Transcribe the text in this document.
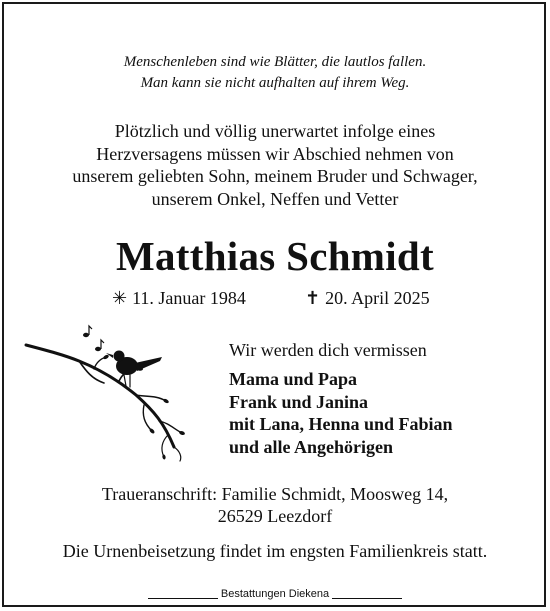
Menschenleben sind wie Blätter, die lautlos fallen.
Man kann sie nicht aufhalten auf ihrem Weg.
Plötzlich und völlig unerwartet infolge eines
Herzversagens müssen wir Abschied nehmen von
unserem geliebten Sohn, meinem Bruder und Schwager,
unserem Onkel, Neffen und Vetter
Matthias Schmidt
✳ 11. Januar 1984	✝ 20. April 2025
Wir werden dich vermissen
Mama und Papa
Frank und Janina
mit Lana, Henna und Fabian
und alle Angehörigen
Traueranschrift: Familie Schmidt, Moosweg 14,
26529 Leezdorf
Die Urnenbeisetzung findet im engsten Familienkreis statt.
Bestattungen Diekena
